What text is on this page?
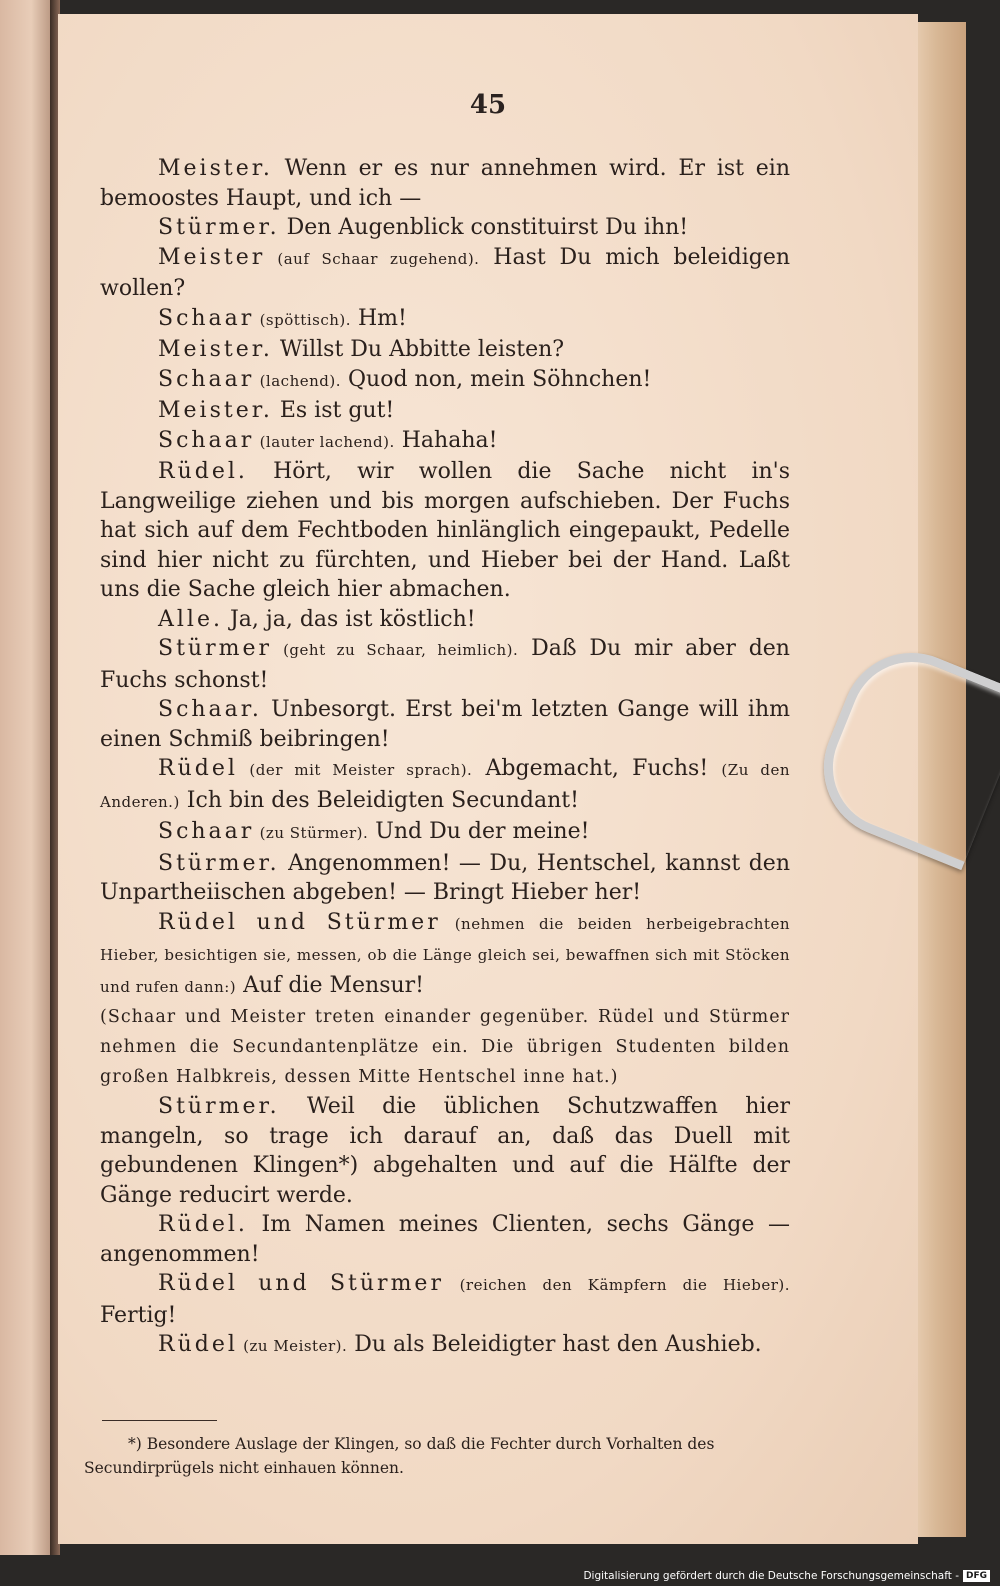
45

Meister. Wenn er es nur annehmen wird. Er ist ein bemoostes Haupt, und ich —

Stürmer. Den Augenblick constituirst Du ihn!

Meister (auf Schaar zugehend). Hast Du mich beleidigen wollen?

Schaar (spöttisch). Hm!

Meister. Willst Du Abbitte leisten?

Schaar (lachend). Quod non, mein Söhnchen!

Meister. Es ist gut!

Schaar (lauter lachend). Hahaha!

Rüdel. Hört, wir wollen die Sache nicht in's Langweilige ziehen und bis morgen aufschieben. Der Fuchs hat sich auf dem Fechtboden hinlänglich eingepaukt, Pedelle sind hier nicht zu fürchten, und Hieber bei der Hand. Laßt uns die Sache gleich hier abmachen.

Alle. Ja, ja, das ist köstlich!

Stürmer (geht zu Schaar, heimlich). Daß Du mir aber den Fuchs schonst!

Schaar. Unbesorgt. Erst bei'm letzten Gange will ihm einen Schmiß beibringen!

Rüdel (der mit Meister sprach). Abgemacht, Fuchs! (Zu den Anderen.) Ich bin des Beleidigten Secundant!

Schaar (zu Stürmer). Und Du der meine!

Stürmer. Angenommen! — Du, Hentschel, kannst den Unpartheiischen abgeben! — Bringt Hieber her!

Rüdel und Stürmer (nehmen die beiden herbeigebrachten Hieber, besichtigen sie, messen, ob die Länge gleich sei, bewaffnen sich mit Stöcken und rufen dann:) Auf die Mensur!

(Schaar und Meister treten einander gegenüber. Rüdel und Stürmer nehmen die Secundantenplätze ein. Die übrigen Studenten bilden großen Halbkreis, dessen Mitte Hentschel inne hat.)

Stürmer. Weil die üblichen Schutzwaffen hier mangeln, so trage ich darauf an, daß das Duell mit gebundenen Klingen*) abgehalten und auf die Hälfte der Gänge reducirt werde.

Rüdel. Im Namen meines Clienten, sechs Gänge — angenommen!

Rüdel und Stürmer (reichen den Kämpfern die Hieber). Fertig!

Rüdel (zu Meister). Du als Beleidigter hast den Aushieb.

*) Besondere Auslage der Klingen, so daß die Fechter durch Vorhalten des Secundirprügels nicht einhauen können.
Digitalisierung gefördert durch die Deutsche Forschungsgemeinschaft - DFG
